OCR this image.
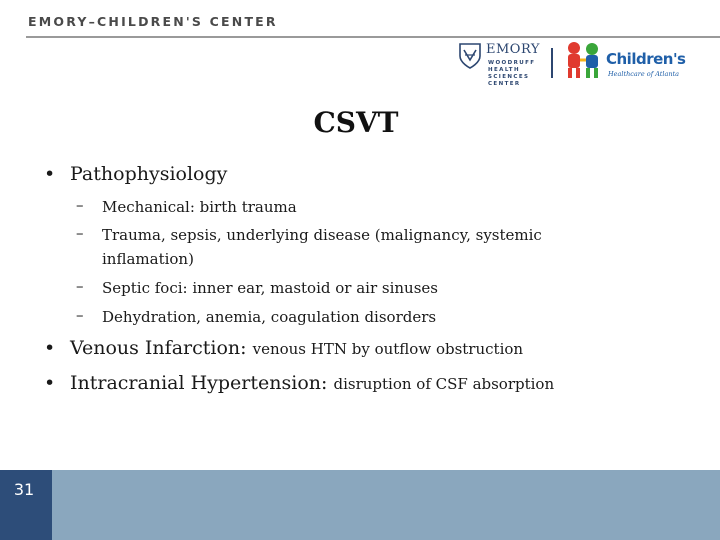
EMORY–CHILDREN'S CENTER
EMORY
WOODRUFF
HEALTH
SCIENCES
CENTER
Children's
Healthcare of Atlanta
CSVT
• Pathophysiology
– Mechanical: birth trauma
– Trauma, sepsis, underlying disease (malignancy, systemic
inflamation)
– Septic foci: inner ear, mastoid or air sinuses
– Dehydration, anemia, coagulation disorders
• Venous Infarction: venous HTN by outflow obstruction
• Intracranial Hypertension: disruption of CSF absorption
31
